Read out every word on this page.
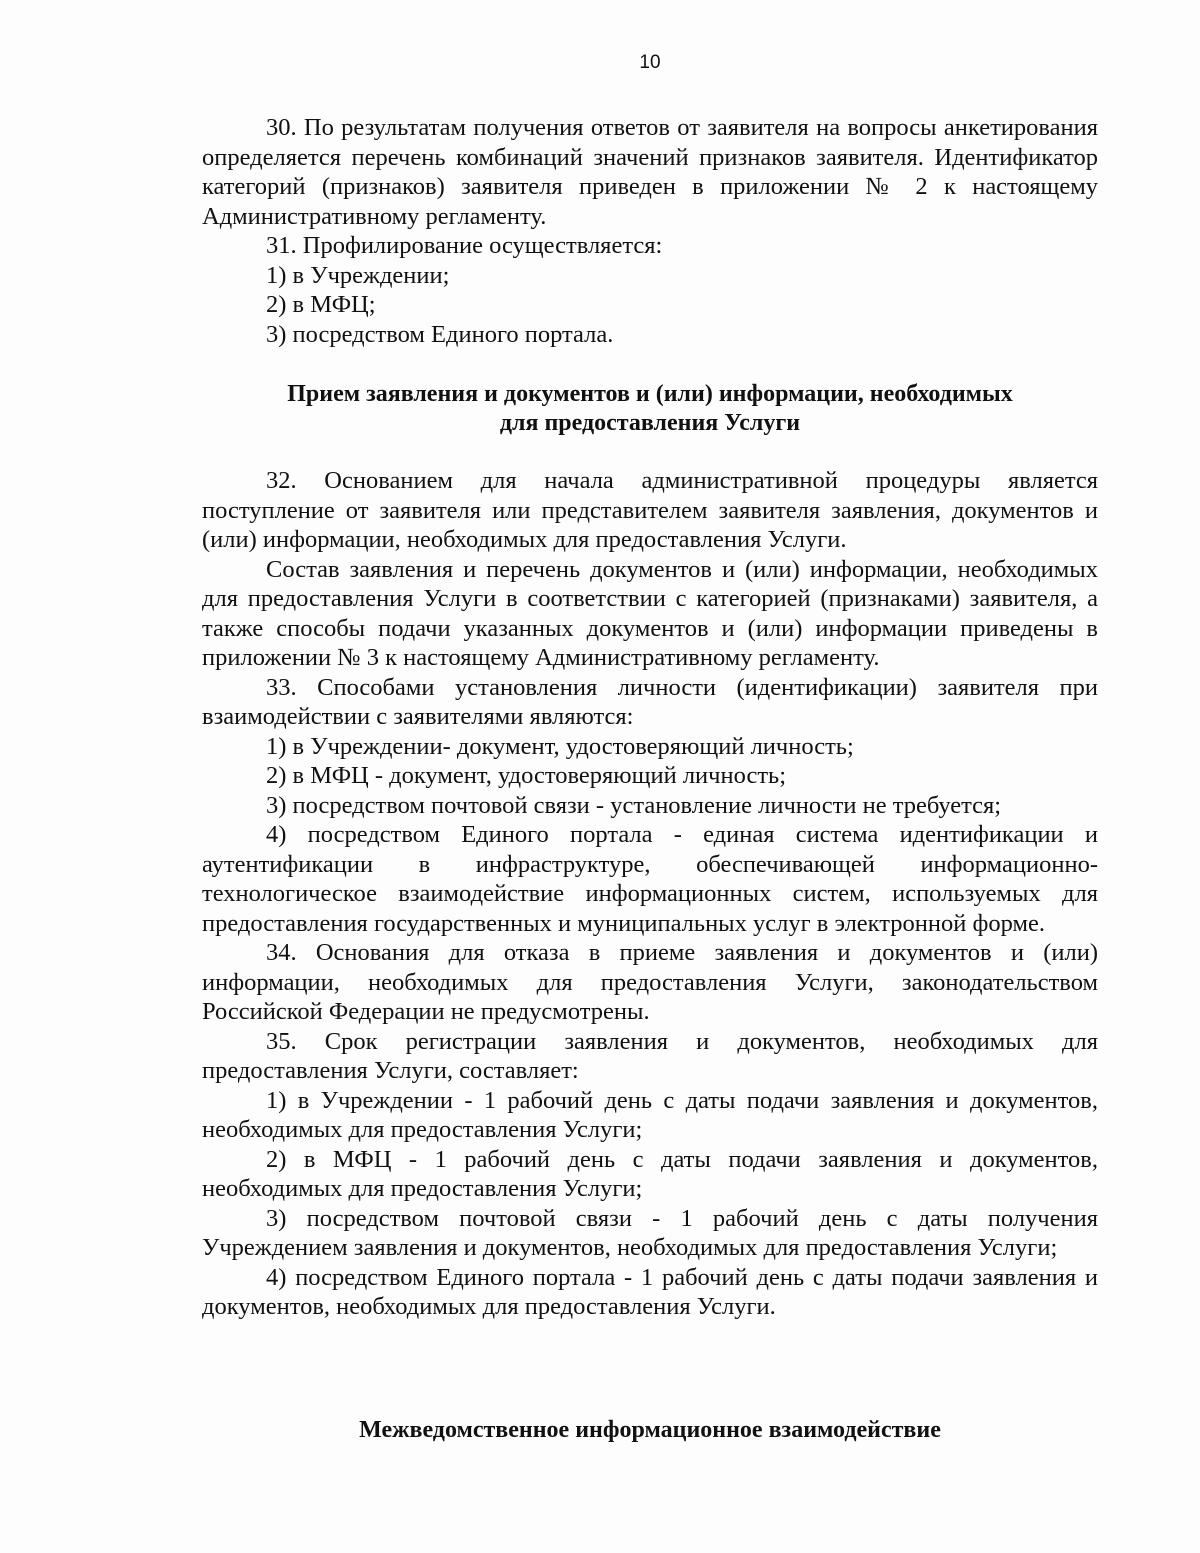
10

30. По результатам получения ответов от заявителя на вопросы анкетирования определяется перечень комбинаций значений признаков заявителя. Идентификатор категорий (признаков) заявителя приведен в приложении № 2 к настоящему Административному регламенту.

31. Профилирование осуществляется:

1) в Учреждении;

2) в МФЦ;

3) посредством Единого портала.

Прием заявления и документов и (или) информации, необходимых
для предоставления Услуги

32. Основанием для начала административной процедуры является поступление от заявителя или представителем заявителя заявления, документов и (или) информации, необходимых для предоставления Услуги.

Состав заявления и перечень документов и (или) информации, необходимых для предоставления Услуги в соответствии с категорией (признаками) заявителя, а также способы подачи указанных документов и (или) информации приведены в приложении № 3 к настоящему Административному регламенту.

33. Способами установления личности (идентификации) заявителя при взаимодействии с заявителями являются:

1) в Учреждении- документ, удостоверяющий личность;

2) в МФЦ - документ, удостоверяющий личность;

3) посредством почтовой связи - установление личности не требуется;

4) посредством Единого портала - единая система идентификации и аутентификации в инфраструктуре, обеспечивающей информационно-технологическое взаимодействие информационных систем, используемых для предоставления государственных и муниципальных услуг в электронной форме.

34. Основания для отказа в приеме заявления и документов и (или) информации, необходимых для предоставления Услуги, законодательством Российской Федерации не предусмотрены.

35. Срок регистрации заявления и документов, необходимых для предоставления Услуги, составляет:

1) в Учреждении - 1 рабочий день с даты подачи заявления и документов, необходимых для предоставления Услуги;

2) в МФЦ - 1 рабочий день с даты подачи заявления и документов, необходимых для предоставления Услуги;

3) посредством почтовой связи - 1 рабочий день с даты получения Учреждением заявления и документов, необходимых для предоставления Услуги;

4) посредством Единого портала - 1 рабочий день с даты подачи заявления и документов, необходимых для предоставления Услуги.

Межведомственное информационное взаимодействие
